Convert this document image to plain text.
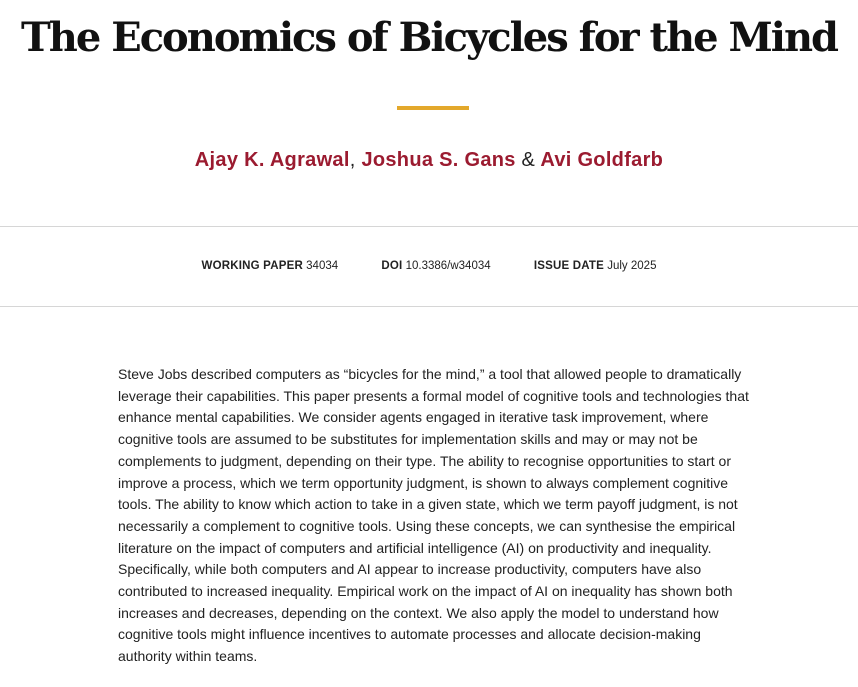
The Economics of Bicycles for the Mind
Ajay K. Agrawal, Joshua S. Gans & Avi Goldfarb
WORKING PAPER 34034	DOI 10.3386/w34034	ISSUE DATE July 2025

Steve Jobs described computers as “bicycles for the mind,” a tool that allowed people to dramatically leverage their capabilities. This paper presents a formal model of cognitive tools and technologies that enhance mental capabilities. We consider agents engaged in iterative task improvement, where cognitive tools are assumed to be substitutes for implementation skills and may or may not be complements to judgment, depending on their type. The ability to recognise opportunities to start or improve a process, which we term opportunity judgment, is shown to always complement cognitive tools. The ability to know which action to take in a given state, which we term payoff judgment, is not necessarily a complement to cognitive tools. Using these concepts, we can synthesise the empirical literature on the impact of computers and artificial intelligence (AI) on productivity and inequality. Specifically, while both computers and AI appear to increase productivity, computers have also contributed to increased inequality. Empirical work on the impact of AI on inequality has shown both increases and decreases, depending on the context. We also apply the model to understand how cognitive tools might influence incentives to automate processes and allocate decision-making authority within teams.
